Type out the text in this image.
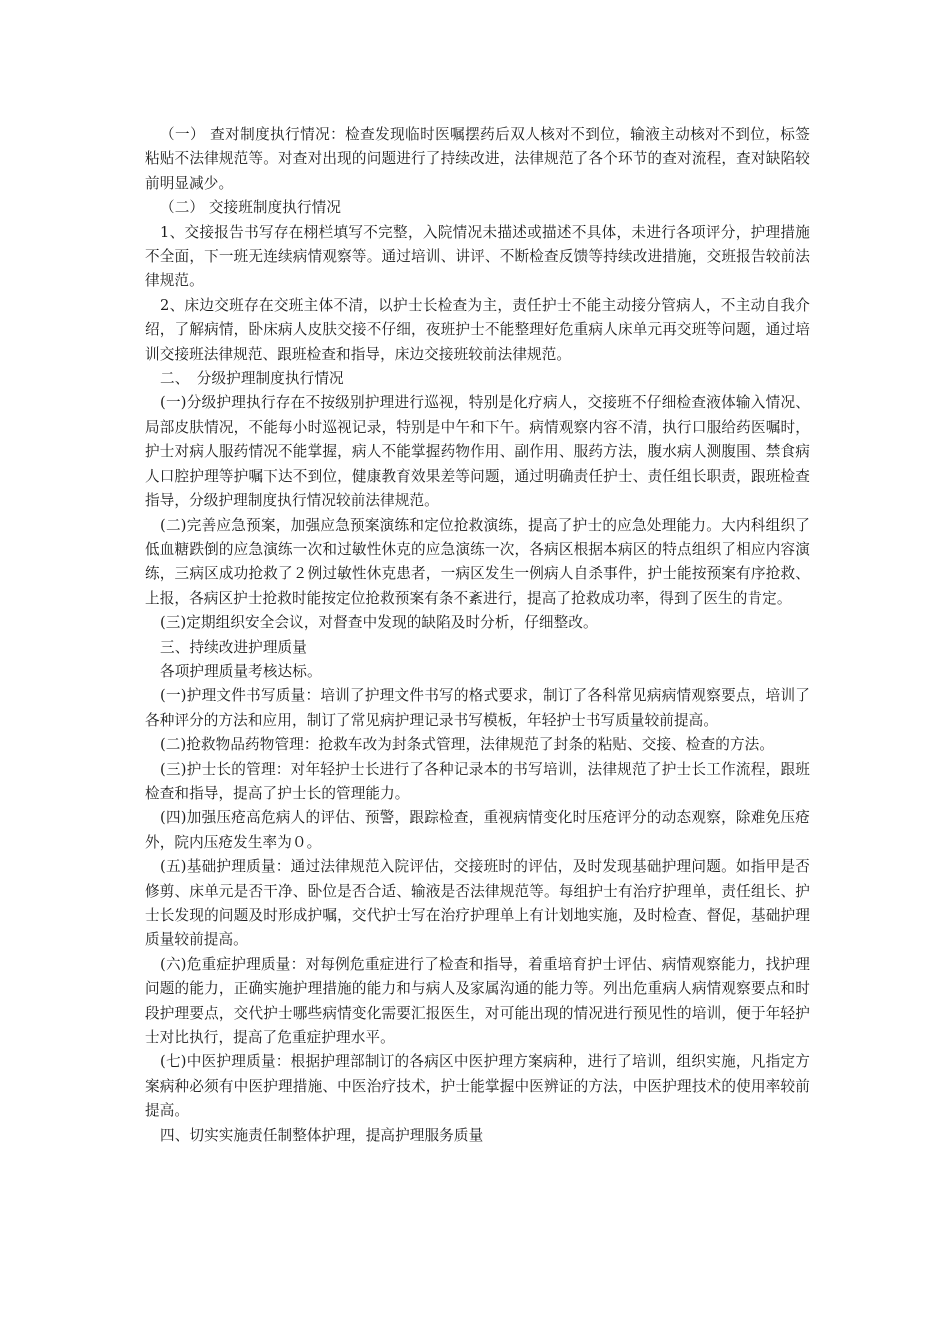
（一） 查对制度执行情况：检查发现临时医嘱摆药后双人核对不到位，输液主动核对不到位，标签粘贴不法律规范等。对查对出现的问题进行了持续改进，法律规范了各个环节的查对流程，查对缺陷较前明显减少。

（二） 交接班制度执行情况

1、交接报告书写存在栩栏填写不完整，入院情况未描述或描述不具体，未进行各项评分，护理措施不全面，下一班无连续病情观察等。通过培训、讲评、不断检查反馈等持续改进措施，交班报告较前法律规范。

2、床边交班存在交班主体不清，以护士长检查为主，责任护士不能主动接分管病人，不主动自我介绍，了解病情，卧床病人皮肤交接不仔细，夜班护士不能整理好危重病人床单元再交班等问题，通过培训交接班法律规范、跟班检查和指导，床边交接班较前法律规范。

二、　分级护理制度执行情况

(一)分级护理执行存在不按级别护理进行巡视，特别是化疗病人，交接班不仔细检查液体输入情况、局部皮肤情况，不能每小时巡视记录，特别是中午和下午。病情观察内容不清，执行口服给药医嘱时，护士对病人服药情况不能掌握，病人不能掌握药物作用、副作用、服药方法，腹水病人测腹围、禁食病人口腔护理等护嘱下达不到位，健康教育效果差等问题，通过明确责任护士、责任组长职责，跟班检查指导，分级护理制度执行情况较前法律规范。

(二)完善应急预案，加强应急预案演练和定位抢救演练，提高了护士的应急处理能力。大内科组织了低血糖跌倒的应急演练一次和过敏性休克的应急演练一次，各病区根据本病区的特点组织了相应内容演练，三病区成功抢救了２例过敏性休克患者，一病区发生一例病人自杀事件，护士能按预案有序抢救、上报，各病区护士抢救时能按定位抢救预案有条不紊进行，提高了抢救成功率，得到了医生的肯定。

(三)定期组织安全会议，对督查中发现的缺陷及时分析，仔细整改。

三、持续改进护理质量

各项护理质量考核达标。

(一)护理文件书写质量：培训了护理文件书写的格式要求，制订了各科常见病病情观察要点，培训了各种评分的方法和应用，制订了常见病护理记录书写模板，年轻护士书写质量较前提高。

(二)抢救物品药物管理：抢救车改为封条式管理，法律规范了封条的粘贴、交接、检查的方法。

(三)护士长的管理：对年轻护士长进行了各种记录本的书写培训，法律规范了护士长工作流程，跟班检查和指导，提高了护士长的管理能力。

(四)加强压疮高危病人的评估、预警，跟踪检查，重视病情变化时压疮评分的动态观察，除难免压疮外，院内压疮发生率为０。

(五)基础护理质量：通过法律规范入院评估，交接班时的评估，及时发现基础护理问题。如指甲是否修剪、床单元是否干净、卧位是否合适、输液是否法律规范等。每组护士有治疗护理单，责任组长、护士长发现的问题及时形成护嘱，交代护士写在治疗护理单上有计划地实施，及时检查、督促，基础护理质量较前提高。

(六)危重症护理质量：对每例危重症进行了检查和指导，着重培育护士评估、病情观察能力，找护理问题的能力，正确实施护理措施的能力和与病人及家属沟通的能力等。列出危重病人病情观察要点和时段护理要点，交代护士哪些病情变化需要汇报医生，对可能出现的情况进行预见性的培训，便于年轻护士对比执行，提高了危重症护理水平。

(七)中医护理质量：根据护理部制订的各病区中医护理方案病种，进行了培训，组织实施，凡指定方案病种必须有中医护理措施、中医治疗技术，护士能掌握中医辨证的方法，中医护理技术的使用率较前提高。

四、切实实施责任制整体护理，提高护理服务质量
